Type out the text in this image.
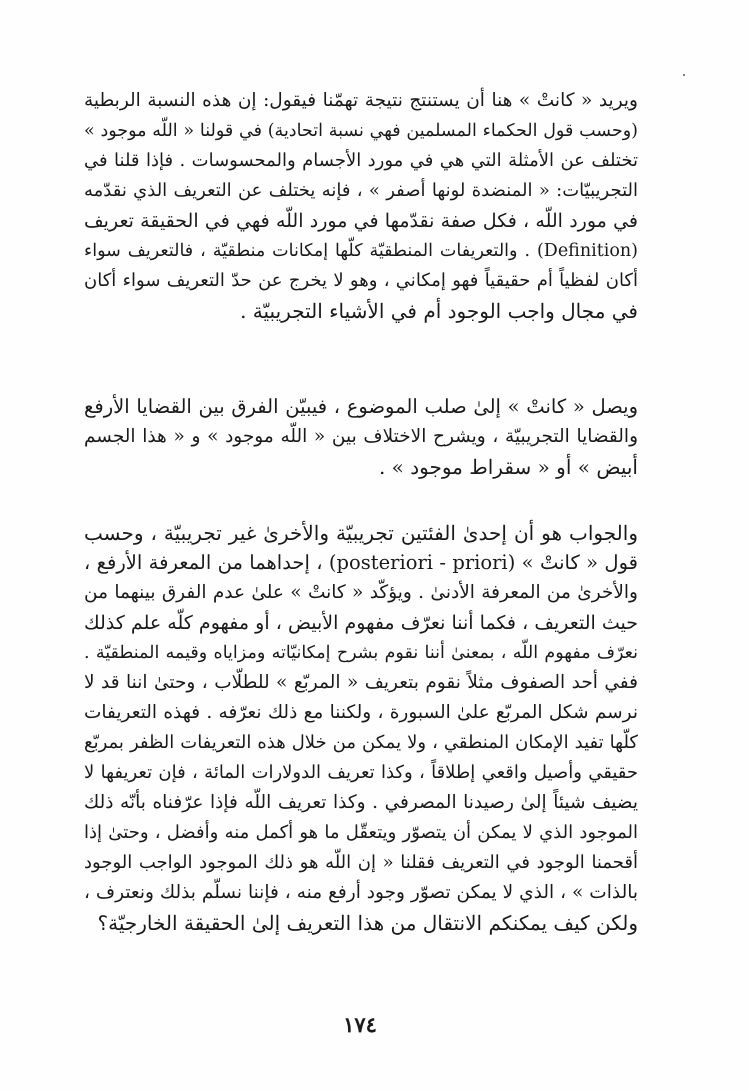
ويريد « كانتْ » هنا أن يستنتج نتيجة تهمّنا فيقول: إن هذه النسبة الربطية
(وحسب قول الحكماء المسلمين فهي نسبة اتحادية) في قولنا « اللّه موجود »
تختلف عن الأمثلة التي هي في مورد الأجسام والمحسوسات . فإذا قلنا في
التجريبيّات: « المنضدة لونها أصفر » ، فإنه يختلف عن التعريف الذي نقدّمه
في مورد اللّه ، فكل صفة نقدّمها في مورد اللّه فهي في الحقيقة تعريف
(Definition) . والتعريفات المنطقيّة كلّها إمكانات منطقيّة ، فالتعريف سواء
أكان لفظياً أم حقيقياً فهو إمكاني ، وهو لا يخرج عن حدّ التعريف سواء أكان
في مجال واجب الوجود أم في الأشياء التجريبيّة .
ويصل « كانتْ » إلىٰ صلب الموضوع ، فيبيّن الفرق بين القضايا الأرفع
والقضايا التجريبيّة ، ويشرح الاختلاف بين « اللّه موجود » و « هذا الجسم
أبيض » أو « سقراط موجود » .
والجواب هو أن إحدىٰ الفئتين تجريبيّة والأخرىٰ غير تجريبيّة ، وحسب
قول « كانتْ » (posteriori - priori) ، إحداهما من المعرفة الأرفع ،
والأخرىٰ من المعرفة الأدنىٰ . ويؤكّد « كانتْ » علىٰ عدم الفرق بينهما من
حيث التعريف ، فكما أننا نعرّف مفهوم الأبيض ، أو مفهوم كلّه علم كذلك
نعرّف مفهوم اللّه ، بمعنىٰ أننا نقوم بشرح إمكانيّاته ومزاياه وقيمه المنطقيّة .
ففي أحد الصفوف مثلاً نقوم بتعريف « المربّع » للطلّاب ، وحتىٰ اننا قد لا
نرسم شكل المربّع علىٰ السبورة ، ولكننا مع ذلك نعرّفه . فهذه التعريفات
كلّها تفيد الإمكان المنطقي ، ولا يمكن من خلال هذه التعريفات الظفر بمربّع
حقيقي وأصيل واقعي إطلاقاً ، وكذا تعريف الدولارات المائة ، فإن تعريفها لا
يضيف شيئاً إلىٰ رصيدنا المصرفي . وكذا تعريف اللّه فإذا عرّفناه بأنّه ذلك
الموجود الذي لا يمكن أن يتصوّر ويتعقّل ما هو أكمل منه وأفضل ، وحتىٰ إذا
أقحمنا الوجود في التعريف فقلنا « إن اللّه هو ذلك الموجود الواجب الوجود
بالذات » ، الذي لا يمكن تصوّر وجود أرفع منه ، فإننا نسلّم بذلك ونعترف ،
ولكن كيف يمكنكم الانتقال من هذا التعريف إلىٰ الحقيقة الخارجيّة؟
١٧٤
